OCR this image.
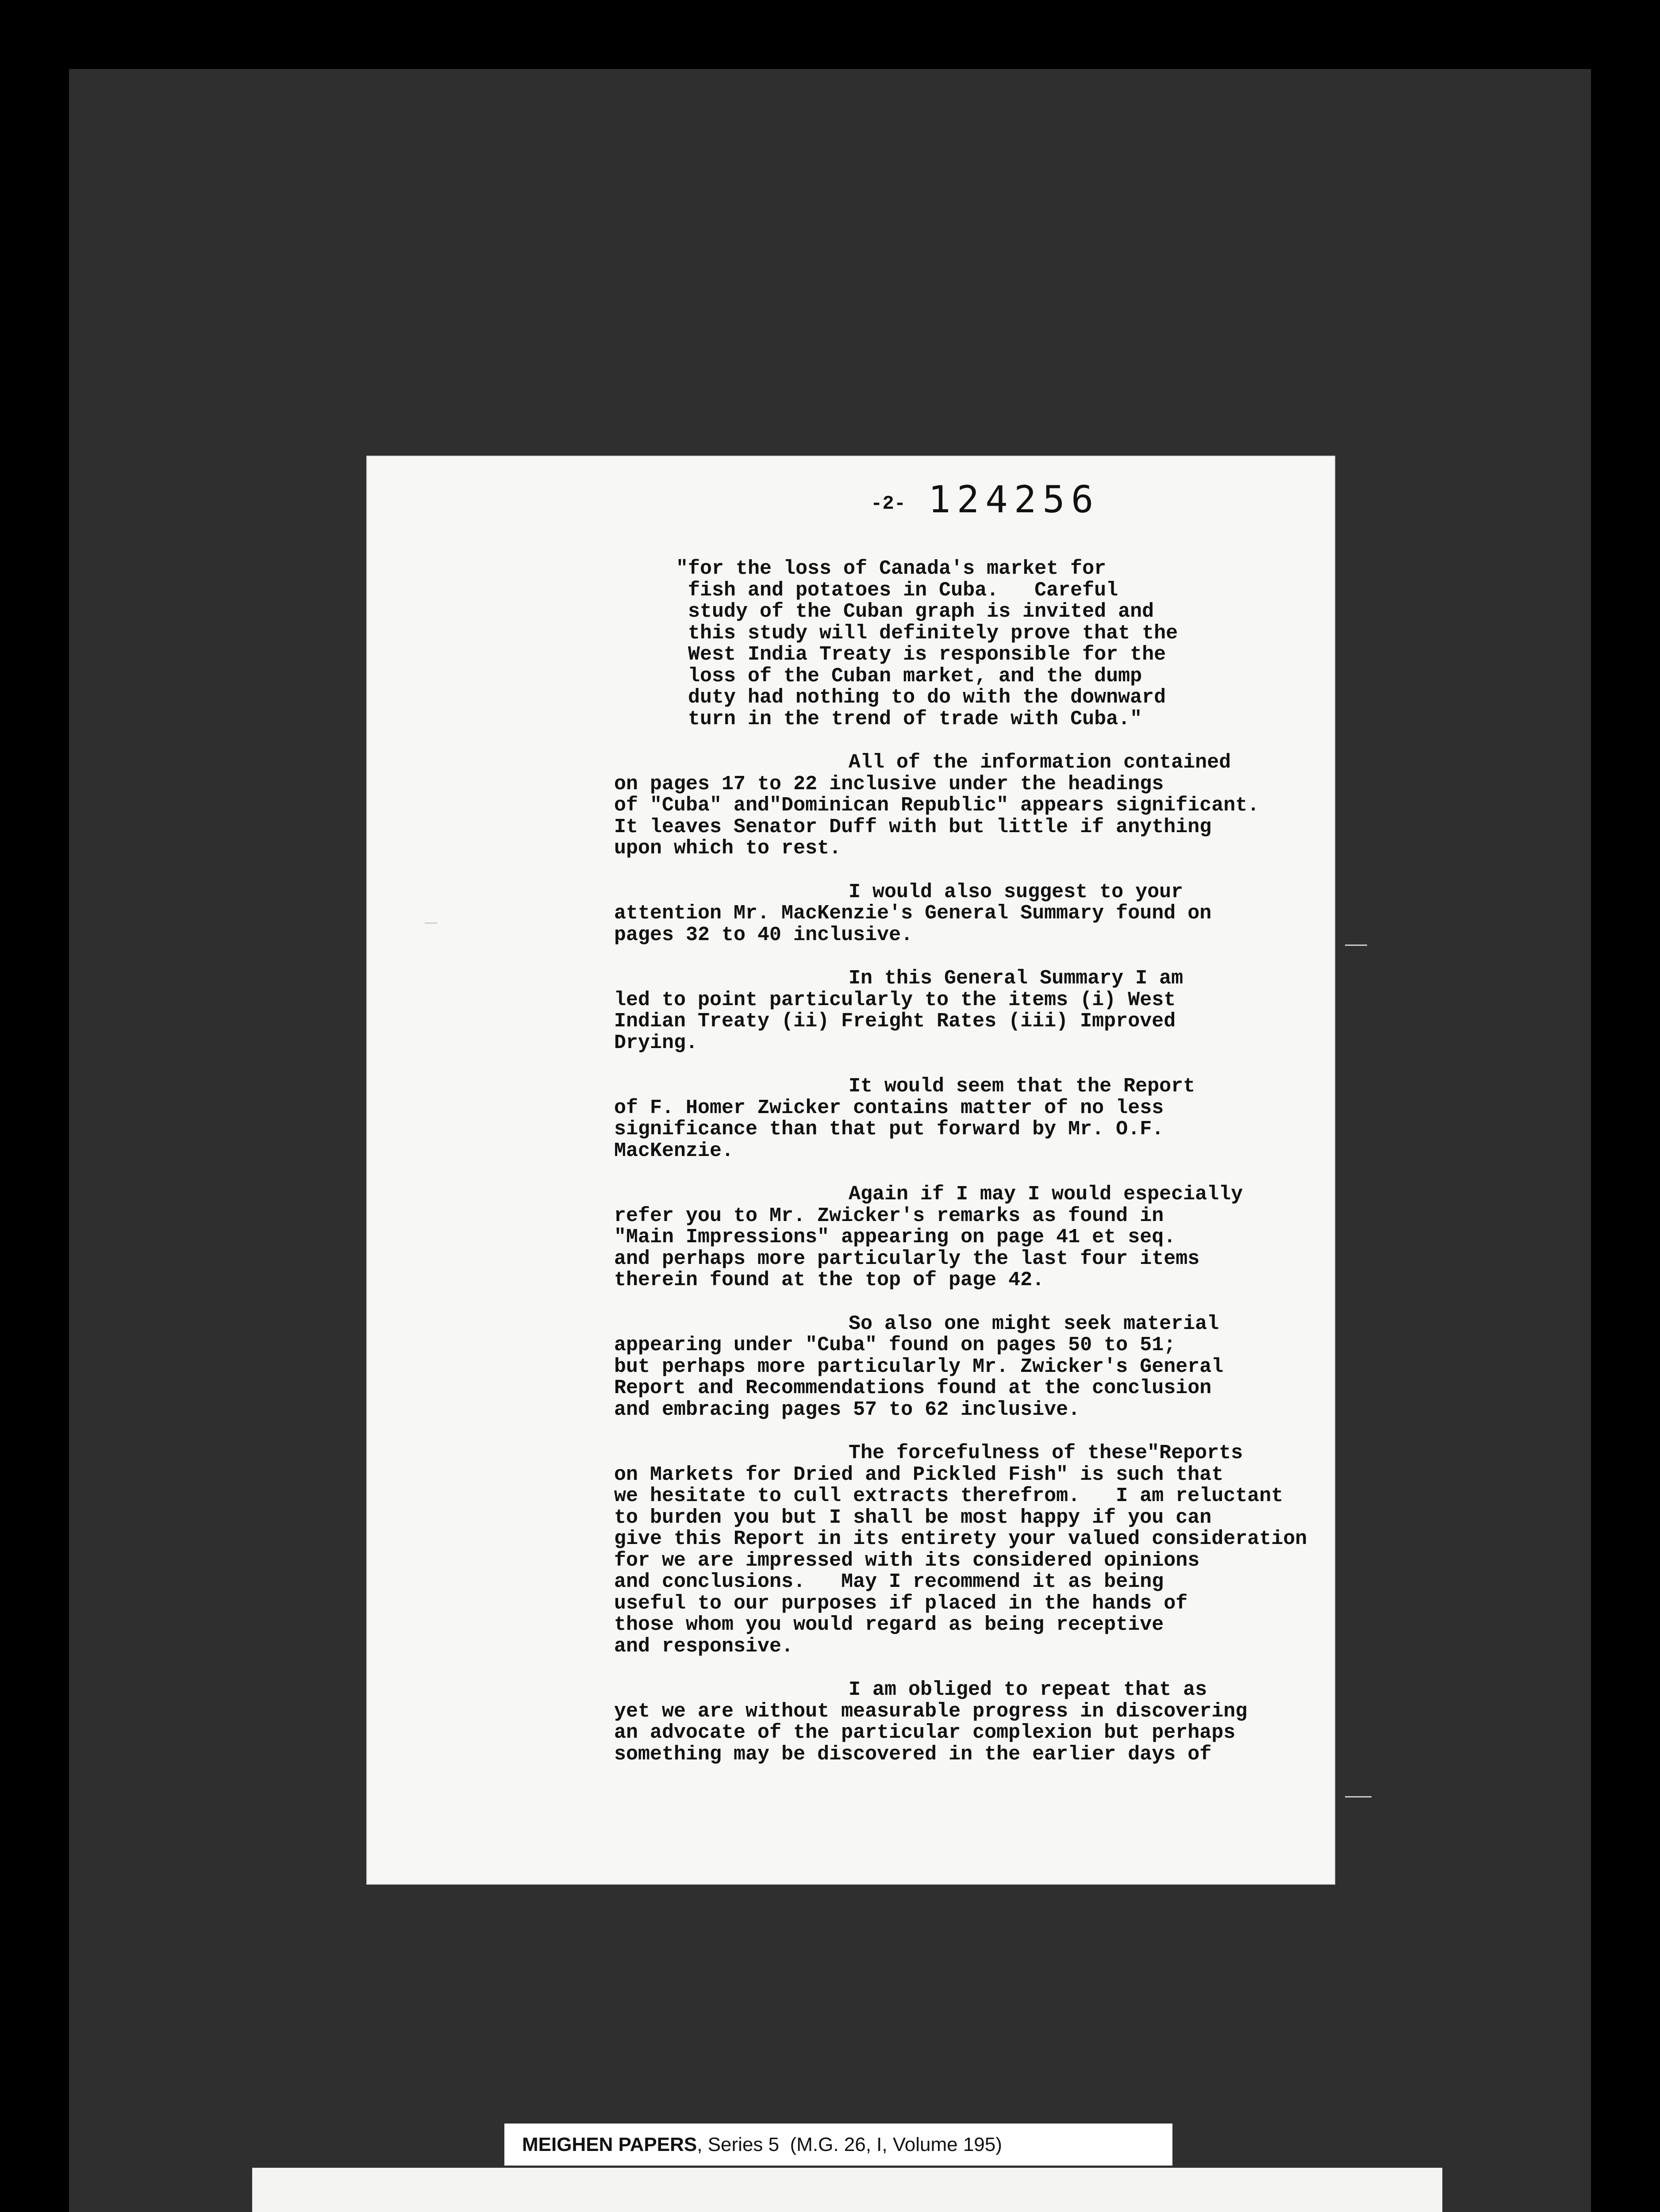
-2- 124256
"for the loss of Canada's market for
fish and potatoes in Cuba.   Careful
study of the Cuban graph is invited and
this study will definitely prove that the
West India Treaty is responsible for the
loss of the Cuban market, and the dump
duty had nothing to do with the downward
turn in the trend of trade with Cuba."
All of the information contained
on pages 17 to 22 inclusive under the headings
of "Cuba" and"Dominican Republic" appears significant.
It leaves Senator Duff with but little if anything
upon which to rest.
I would also suggest to your
attention Mr. MacKenzie's General Summary found on
pages 32 to 40 inclusive.
In this General Summary I am
led to point particularly to the items (i) West
Indian Treaty (ii) Freight Rates (iii) Improved
Drying.
It would seem that the Report
of F. Homer Zwicker contains matter of no less
significance than that put forward by Mr. O.F.
MacKenzie.
Again if I may I would especially
refer you to Mr. Zwicker's remarks as found in
"Main Impressions" appearing on page 41 et seq.
and perhaps more particularly the last four items
therein found at the top of page 42.
So also one might seek material
appearing under "Cuba" found on pages 50 to 51;
but perhaps more particularly Mr. Zwicker's General
Report and Recommendations found at the conclusion
and embracing pages 57 to 62 inclusive.
The forcefulness of these"Reports
on Markets for Dried and Pickled Fish" is such that
we hesitate to cull extracts therefrom.   I am reluctant
to burden you but I shall be most happy if you can
give this Report in its entirety your valued consideration
for we are impressed with its considered opinions
and conclusions.   May I recommend it as being
useful to our purposes if placed in the hands of
those whom you would regard as being receptive
and responsive.
I am obliged to repeat that as
yet we are without measurable progress in discovering
an advocate of the particular complexion but perhaps
something may be discovered in the earlier days of
MEIGHEN PAPERS, Series 5 (M.G. 26, I, Volume 195)
